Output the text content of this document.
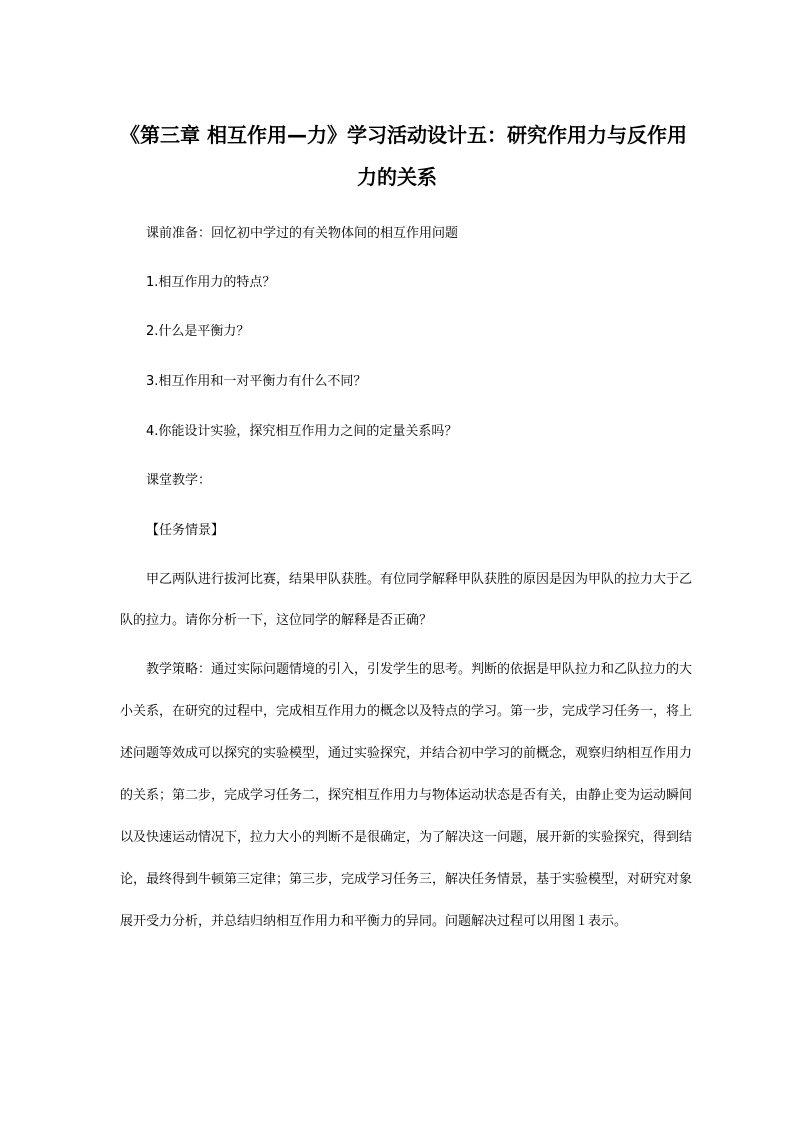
《第三章 相互作用—力》学习活动设计五：研究作用力与反作用
力的关系
课前准备：回忆初中学过的有关物体间的相互作用问题
1.相互作用力的特点？
2.什么是平衡力？
3.相互作用和一对平衡力有什么不同？
4.你能设计实验，探究相互作用力之间的定量关系吗？
课堂教学：
【任务情景】
甲乙两队进行拔河比赛，结果甲队获胜。有位同学解释甲队获胜的原因是因为甲队的拉力大于乙
队的拉力。请你分析一下，这位同学的解释是否正确？
教学策略：通过实际问题情境的引入，引发学生的思考。判断的依据是甲队拉力和乙队拉力的大
小关系，在研究的过程中，完成相互作用力的概念以及特点的学习。第一步，完成学习任务一，将上
述问题等效成可以探究的实验模型，通过实验探究，并结合初中学习的前概念，观察归纳相互作用力
的关系；第二步，完成学习任务二，探究相互作用力与物体运动状态是否有关，由静止变为运动瞬间
以及快速运动情况下，拉力大小的判断不是很确定，为了解决这一问题，展开新的实验探究，得到结
论，最终得到牛顿第三定律；第三步，完成学习任务三，解决任务情景，基于实验模型，对研究对象
展开受力分析，并总结归纳相互作用力和平衡力的异同。问题解决过程可以用图１表示。
